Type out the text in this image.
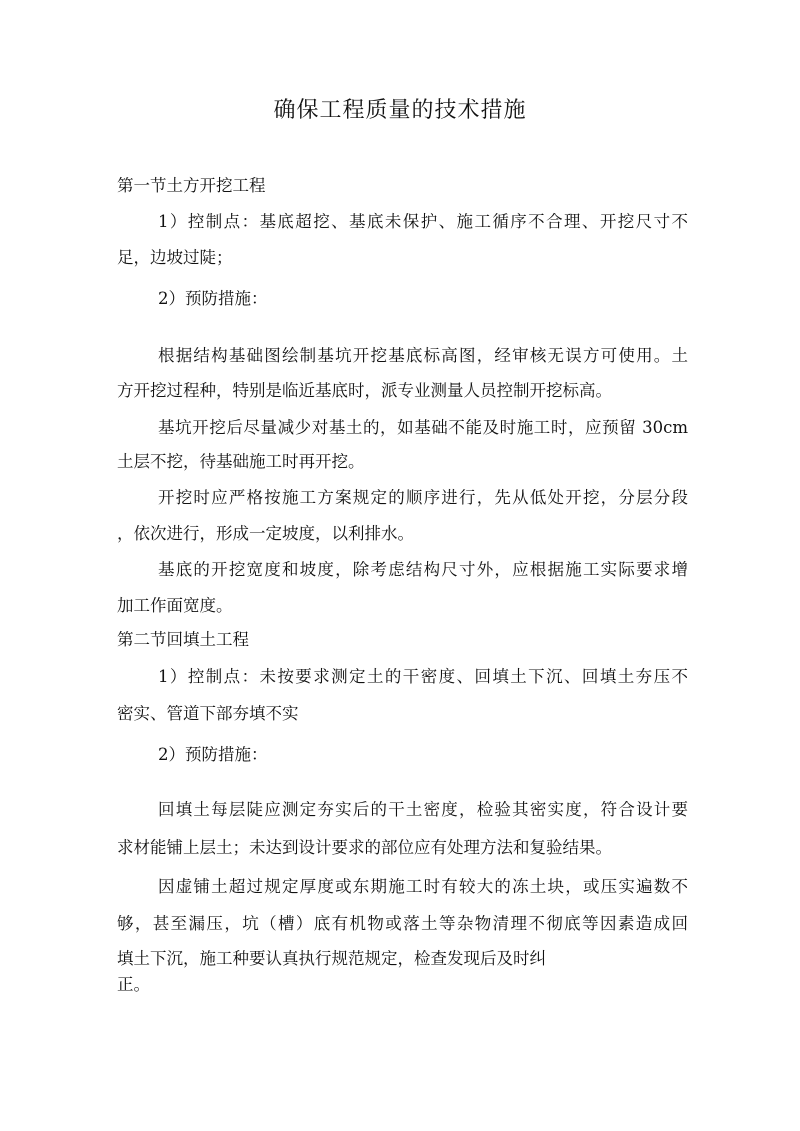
确保工程质量的技术措施
第一节土方开挖工程
1）控制点：基底超挖、基底未保护、施工循序不合理、开挖尺寸不
足，边坡过陡；
2）预防措施：
根据结构基础图绘制基坑开挖基底标高图，经审核无误方可使用。土
方开挖过程种，特别是临近基底时，派专业测量人员控制开挖标高。
基坑开挖后尽量减少对基土的，如基础不能及时施工时，应预留 30cm
土层不挖，待基础施工时再开挖。
开挖时应严格按施工方案规定的顺序进行，先从低处开挖，分层分段
，依次进行，形成一定坡度，以利排水。
基底的开挖宽度和坡度，除考虑结构尺寸外，应根据施工实际要求增
加工作面宽度。
第二节回填土工程
1）控制点：未按要求测定土的干密度、回填土下沉、回填土夯压不
密实、管道下部夯填不实
2）预防措施：
回填土每层陡应测定夯实后的干土密度，检验其密实度，符合设计要
求材能铺上层土；未达到设计要求的部位应有处理方法和复验结果。
因虚铺土超过规定厚度或东期施工时有较大的冻土块，或压实遍数不
够，甚至漏压，坑（槽）底有机物或落土等杂物清理不彻底等因素造成回
填土下沉，施工种要认真执行规范规定，检查发现后及时纠
正。
